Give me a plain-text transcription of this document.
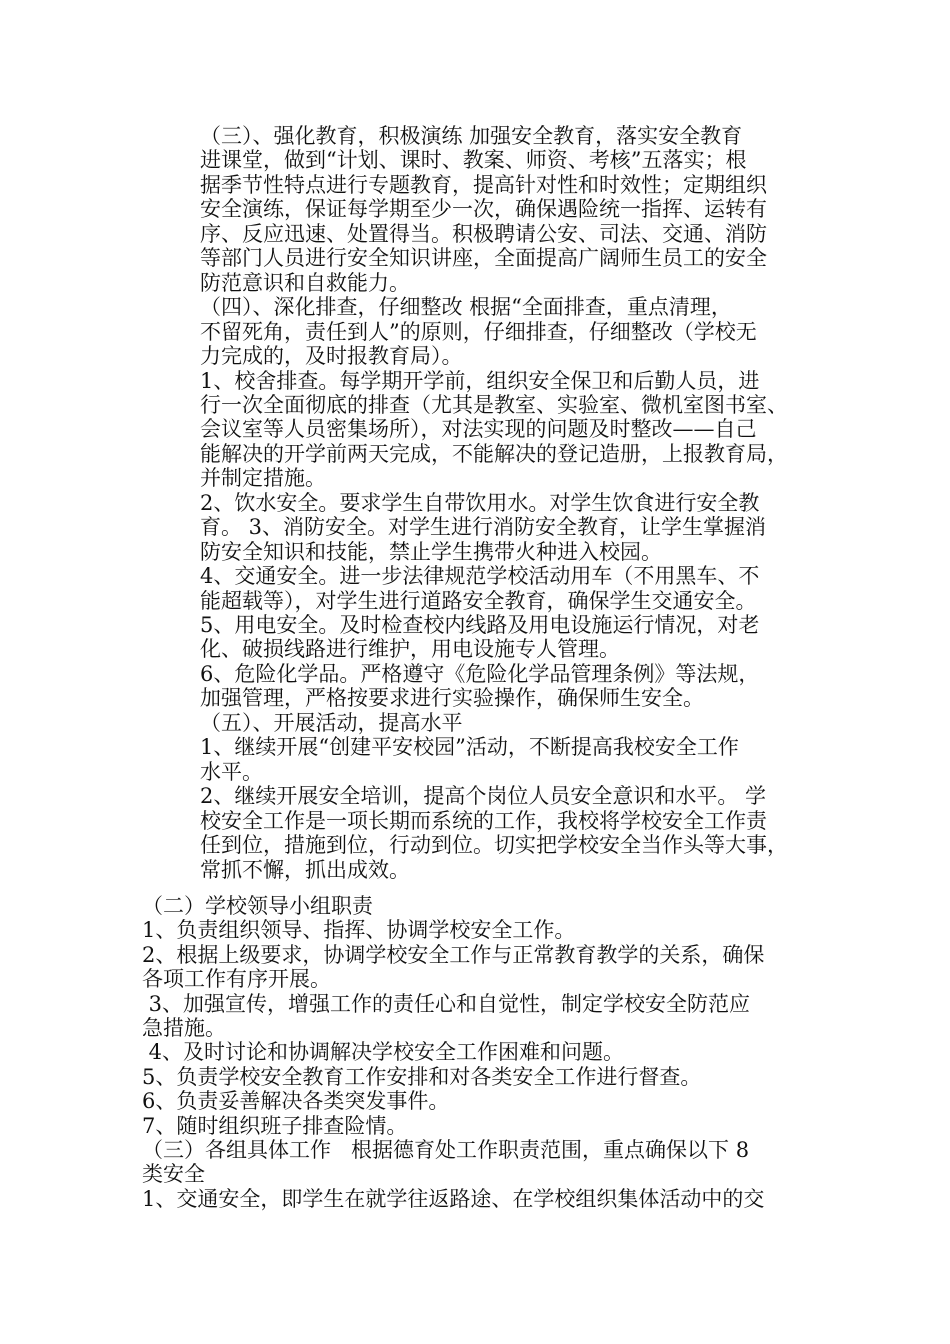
（三）、强化教育，积极演练 加强安全教育，落实安全教育
进课堂，做到“计划、课时、教案、师资、考核”五落实；根
据季节性特点进行专题教育，提高针对性和时效性；定期组织
安全演练，保证每学期至少一次，确保遇险统一指挥、运转有
序、反应迅速、处置得当。积极聘请公安、司法、交通、消防
等部门人员进行安全知识讲座，全面提高广阔师生员工的安全
防范意识和自救能力。
（四）、深化排查，仔细整改 根据“全面排查，重点清理，
不留死角，责任到人”的原则，仔细排查，仔细整改（学校无
力完成的，及时报教育局）。
1、校舍排查。每学期开学前，组织安全保卫和后勤人员，进
行一次全面彻底的排查（尤其是教室、实验室、微机室图书室、
会议室等人员密集场所），对法实现的问题及时整改——自己
能解决的开学前两天完成，不能解决的登记造册，上报教育局，
并制定措施。
2、饮水安全。要求学生自带饮用水。对学生饮食进行安全教
育。 3、消防安全。对学生进行消防安全教育，让学生掌握消
防安全知识和技能，禁止学生携带火种进入校园。
4、交通安全。进一步法律规范学校活动用车（不用黑车、不
能超载等），对学生进行道路安全教育，确保学生交通安全。
5、用电安全。及时检查校内线路及用电设施运行情况，对老
化、破损线路进行维护，用电设施专人管理。
6、危险化学品。严格遵守《危险化学品管理条例》等法规，
加强管理，严格按要求进行实验操作，确保师生安全。
（五）、开展活动，提高水平
1、继续开展“创建平安校园”活动，不断提高我校安全工作
水平。
2、继续开展安全培训，提高个岗位人员安全意识和水平。 学
校安全工作是一项长期而系统的工作，我校将学校安全工作责
任到位，措施到位，行动到位。切实把学校安全当作头等大事，
常抓不懈，抓出成效。
（二）学校领导小组职责
1、负责组织领导、指挥、协调学校安全工作。
2、根据上级要求，协调学校安全工作与正常教育教学的关系，确保
各项工作有序开展。
3、加强宣传，增强工作的责任心和自觉性，制定学校安全防范应
急措施。
4、及时讨论和协调解决学校安全工作困难和问题。
5、负责学校安全教育工作安排和对各类安全工作进行督查。
6、负责妥善解决各类突发事件。
7、随时组织班子排查险情。
（三）各组具体工作   根据德育处工作职责范围，重点确保以下 8
类安全
1、交通安全，即学生在就学往返路途、在学校组织集体活动中的交
